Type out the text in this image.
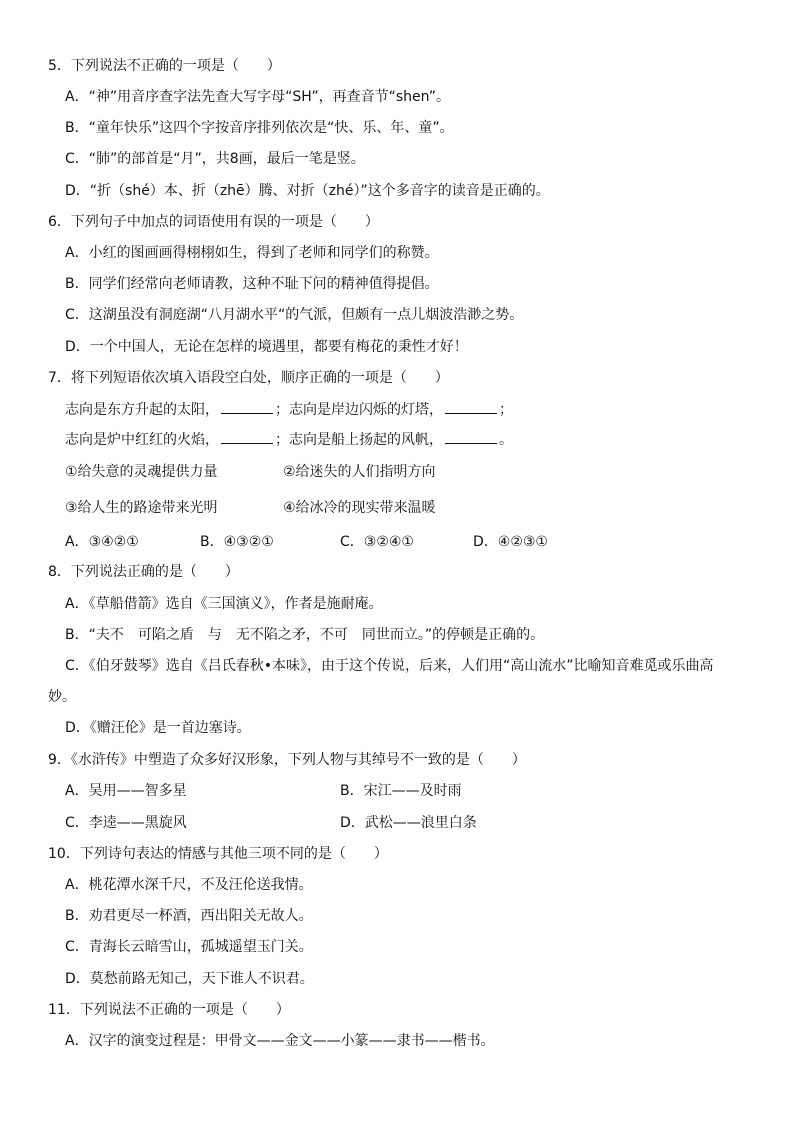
5．下列说法不正确的一项是（　　）
A．“神”用音序查字法先查大写字母“SH”，再查音节“shen”。
B．“童年快乐”这四个字按音序排列依次是“快、乐、年、童”。
C．“肺”的部首是“月”，共8画，最后一笔是竖。
D．“折（shé）本、折（zhē）腾、对折（zhé）”这个多音字的读音是正确的。
6．下列句子中加点的词语使用有误的一项是（　　）
A．小红的图画画得栩栩如生，得到了老师和同学们的称赞。
B．同学们经常向老师请教，这种不耻下问的精神值得提倡。
C．这湖虽没有洞庭湖“八月湖水平“的气派，但颇有一点儿烟波浩渺之势。
D．一个中国人，无论在怎样的境遇里，都要有梅花的秉性才好！
7．将下列短语依次填入语段空白处，顺序正确的一项是（　　）
志向是东方升起的太阳，	；志向是岸边闪烁的灯塔，	；
志向是炉中红红的火焰，	；志向是船上扬起的风帆，	。
①给失意的灵魂提供力量	②给迷失的人们指明方向
③给人生的路途带来光明	④给冰冷的现实带来温暖
A．③④②①	B．④③②①	C．③②④①	D．④②③①
8．下列说法正确的是（　　）
A．《草船借箭》选自《三国演义》，作者是施耐庵。
B．“夫不　可陷之盾　与　无不陷之矛，不可　同世而立。”的停顿是正确的。
C．《伯牙鼓琴》选自《吕氏春秋•本味》，由于这个传说，后来，人们用“高山流水”比喻知音难觅或乐曲高
妙。
D．《赠汪伦》是一首边塞诗。
9．《水浒传》中塑造了众多好汉形象，下列人物与其绰号不一致的是（　　）
A．吴用——智多星	B．宋江——及时雨
C．李逵——黑旋风	D．武松——浪里白条
10．下列诗句表达的情感与其他三项不同的是（　　）
A．桃花潭水深千尺，不及汪伦送我情。
B．劝君更尽一杯酒，西出阳关无故人。
C．青海长云暗雪山，孤城遥望玉门关。
D．莫愁前路无知己，天下谁人不识君。
11．下列说法不正确的一项是（　　）
A．汉字的演变过程是：甲骨文——金文——小篆——隶书——楷书。
